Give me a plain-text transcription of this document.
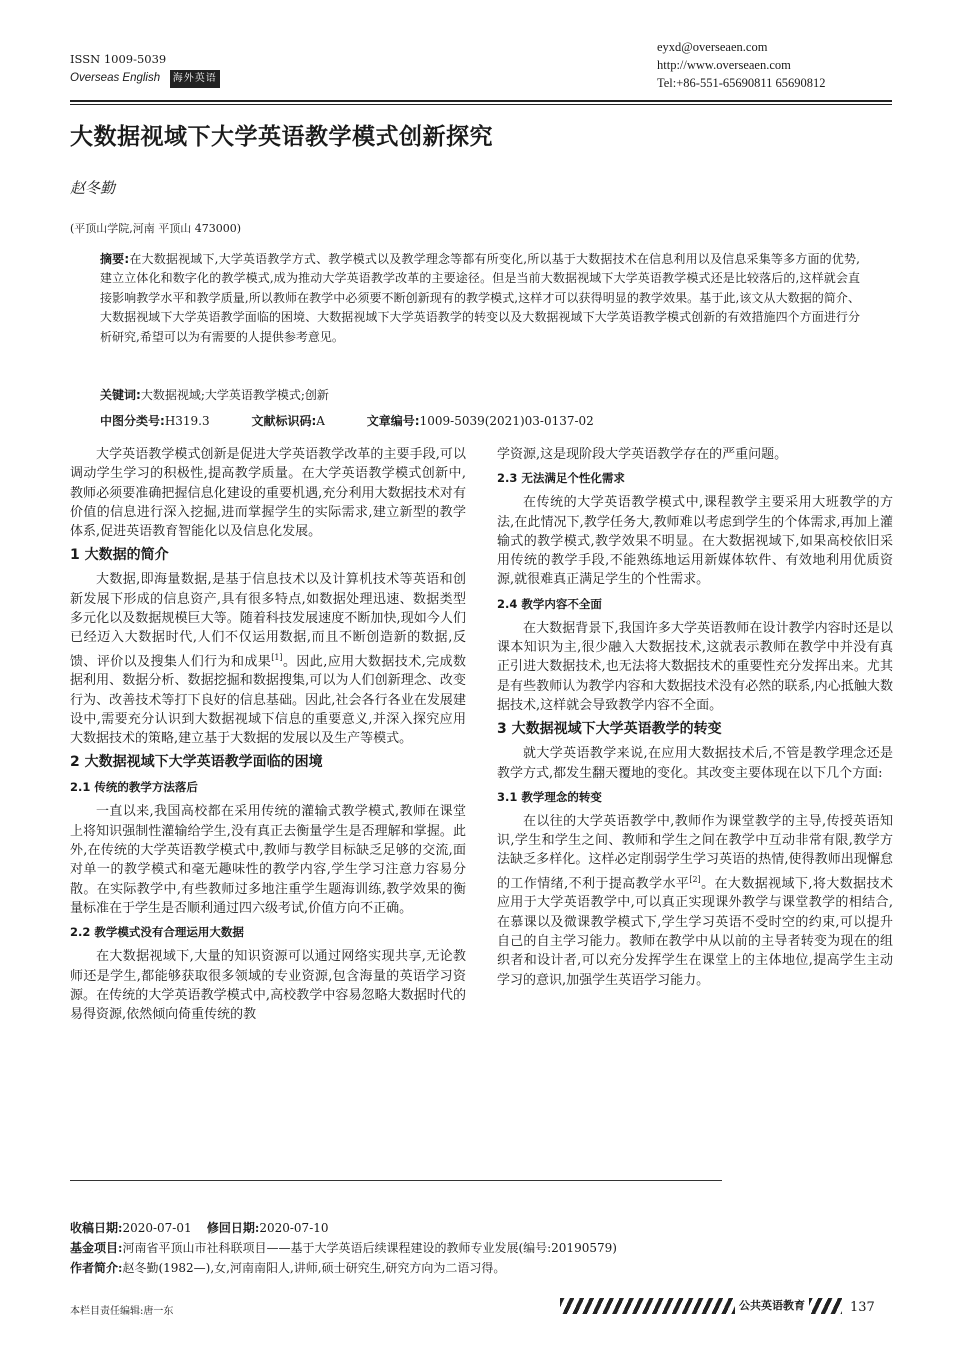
ISSN 1009-5039
Overseas English 海外英语
eyxd@overseaen.com
http://www.overseaen.com
Tel:+86-551-65690811 65690812
大数据视域下大学英语教学模式创新探究
赵冬勤
(平顶山学院,河南 平顶山 473000)
摘要:在大数据视域下,大学英语教学方式、教学模式以及教学理念等都有所变化,所以基于大数据技术在信息利用以及信息采集等多方面的优势,建立立体化和数字化的教学模式,成为推动大学英语教学改革的主要途径。但是当前大数据视域下大学英语教学模式还是比较落后的,这样就会直接影响教学水平和教学质量,所以教师在教学中必须要不断创新现有的教学模式,这样才可以获得明显的教学效果。基于此,该文从大数据的简介、大数据视域下大学英语教学面临的困境、大数据视域下大学英语教学的转变以及大数据视域下大学英语教学模式创新的有效措施四个方面进行分析研究,希望可以为有需要的人提供参考意见。
关键词:大数据视域;大学英语教学模式;创新
中图分类号:H319.3	文献标识码:A	文章编号:1009-5039(2021)03-0137-02

大学英语教学模式创新是促进大学英语教学改革的主要手段,可以调动学生学习的积极性,提高教学质量。在大学英语教学模式创新中,教师必须要准确把握信息化建设的重要机遇,充分利用大数据技术对有价值的信息进行深入挖掘,进而掌握学生的实际需求,建立新型的教学体系,促进英语教育智能化以及信息化发展。

1 大数据的简介

大数据,即海量数据,是基于信息技术以及计算机技术等英语和创新发展下形成的信息资产,具有很多特点,如数据处理迅速、数据类型多元化以及数据规模巨大等。随着科技发展速度不断加快,现如今人们已经迈入大数据时代,人们不仅运用数据,而且不断创造新的数据,反馈、评价以及搜集人们行为和成果[1]。因此,应用大数据技术,完成数据利用、数据分析、数据挖掘和数据搜集,可以为人们创新理念、改变行为、改善技术等打下良好的信息基础。因此,社会各行各业在发展建设中,需要充分认识到大数据视域下信息的重要意义,并深入探究应用大数据技术的策略,建立基于大数据的发展以及生产等模式。

2 大数据视域下大学英语教学面临的困境
2.1 传统的教学方法落后

一直以来,我国高校都在采用传统的灌输式教学模式,教师在课堂上将知识强制性灌输给学生,没有真正去衡量学生是否理解和掌握。此外,在传统的大学英语教学模式中,教师与教学目标缺乏足够的交流,面对单一的教学模式和毫无趣味性的教学内容,学生学习注意力容易分散。在实际教学中,有些教师过多地注重学生题海训练,教学效果的衡量标准在于学生是否顺利通过四六级考试,价值方向不正确。

2.2 教学模式没有合理运用大数据

在大数据视域下,大量的知识资源可以通过网络实现共享,无论教师还是学生,都能够获取很多领域的专业资源,包含海量的英语学习资源。在传统的大学英语教学模式中,高校教学中容易忽略大数据时代的易得资源,依然倾向倚重传统的教

学资源,这是现阶段大学英语教学存在的严重问题。

2.3 无法满足个性化需求

在传统的大学英语教学模式中,课程教学主要采用大班教学的方法,在此情况下,教学任务大,教师难以考虑到学生的个体需求,再加上灌输式的教学模式,教学效果不明显。在大数据视域下,如果高校依旧采用传统的教学手段,不能熟练地运用新媒体软件、有效地利用优质资源,就很难真正满足学生的个性需求。

2.4 教学内容不全面

在大数据背景下,我国许多大学英语教师在设计教学内容时还是以课本知识为主,很少融入大数据技术,这就表示教师在教学中并没有真正引进大数据技术,也无法将大数据技术的重要性充分发挥出来。尤其是有些教师认为教学内容和大数据技术没有必然的联系,内心抵触大数据技术,这样就会导致教学内容不全面。

3 大数据视域下大学英语教学的转变

就大学英语教学来说,在应用大数据技术后,不管是教学理念还是教学方式,都发生翻天覆地的变化。其改变主要体现在以下几个方面:

3.1 教学理念的转变

在以往的大学英语教学中,教师作为课堂教学的主导,传授英语知识,学生和学生之间、教师和学生之间在教学中互动非常有限,教学方法缺乏多样化。这样必定削弱学生学习英语的热情,使得教师出现懈怠的工作情绪,不利于提高教学水平[2]。在大数据视域下,将大数据技术应用于大学英语教学中,可以真正实现课外教学与课堂教学的相结合,在慕课以及微课教学模式下,学生学习英语不受时空的约束,可以提升自己的自主学习能力。教师在教学中从以前的主导者转变为现在的组织者和设计者,可以充分发挥学生在课堂上的主体地位,提高学生主动学习的意识,加强学生英语学习能力。

收稿日期:2020-07-01 修回日期:2020-07-10
基金项目:河南省平顶山市社科联项目——基于大学英语后续课程建设的教师专业发展(编号:20190579)
作者简介:赵冬勤(1982—),女,河南南阳人,讲师,硕士研究生,研究方向为二语习得。
本栏目责任编辑:唐一东	公共英语教育	137
